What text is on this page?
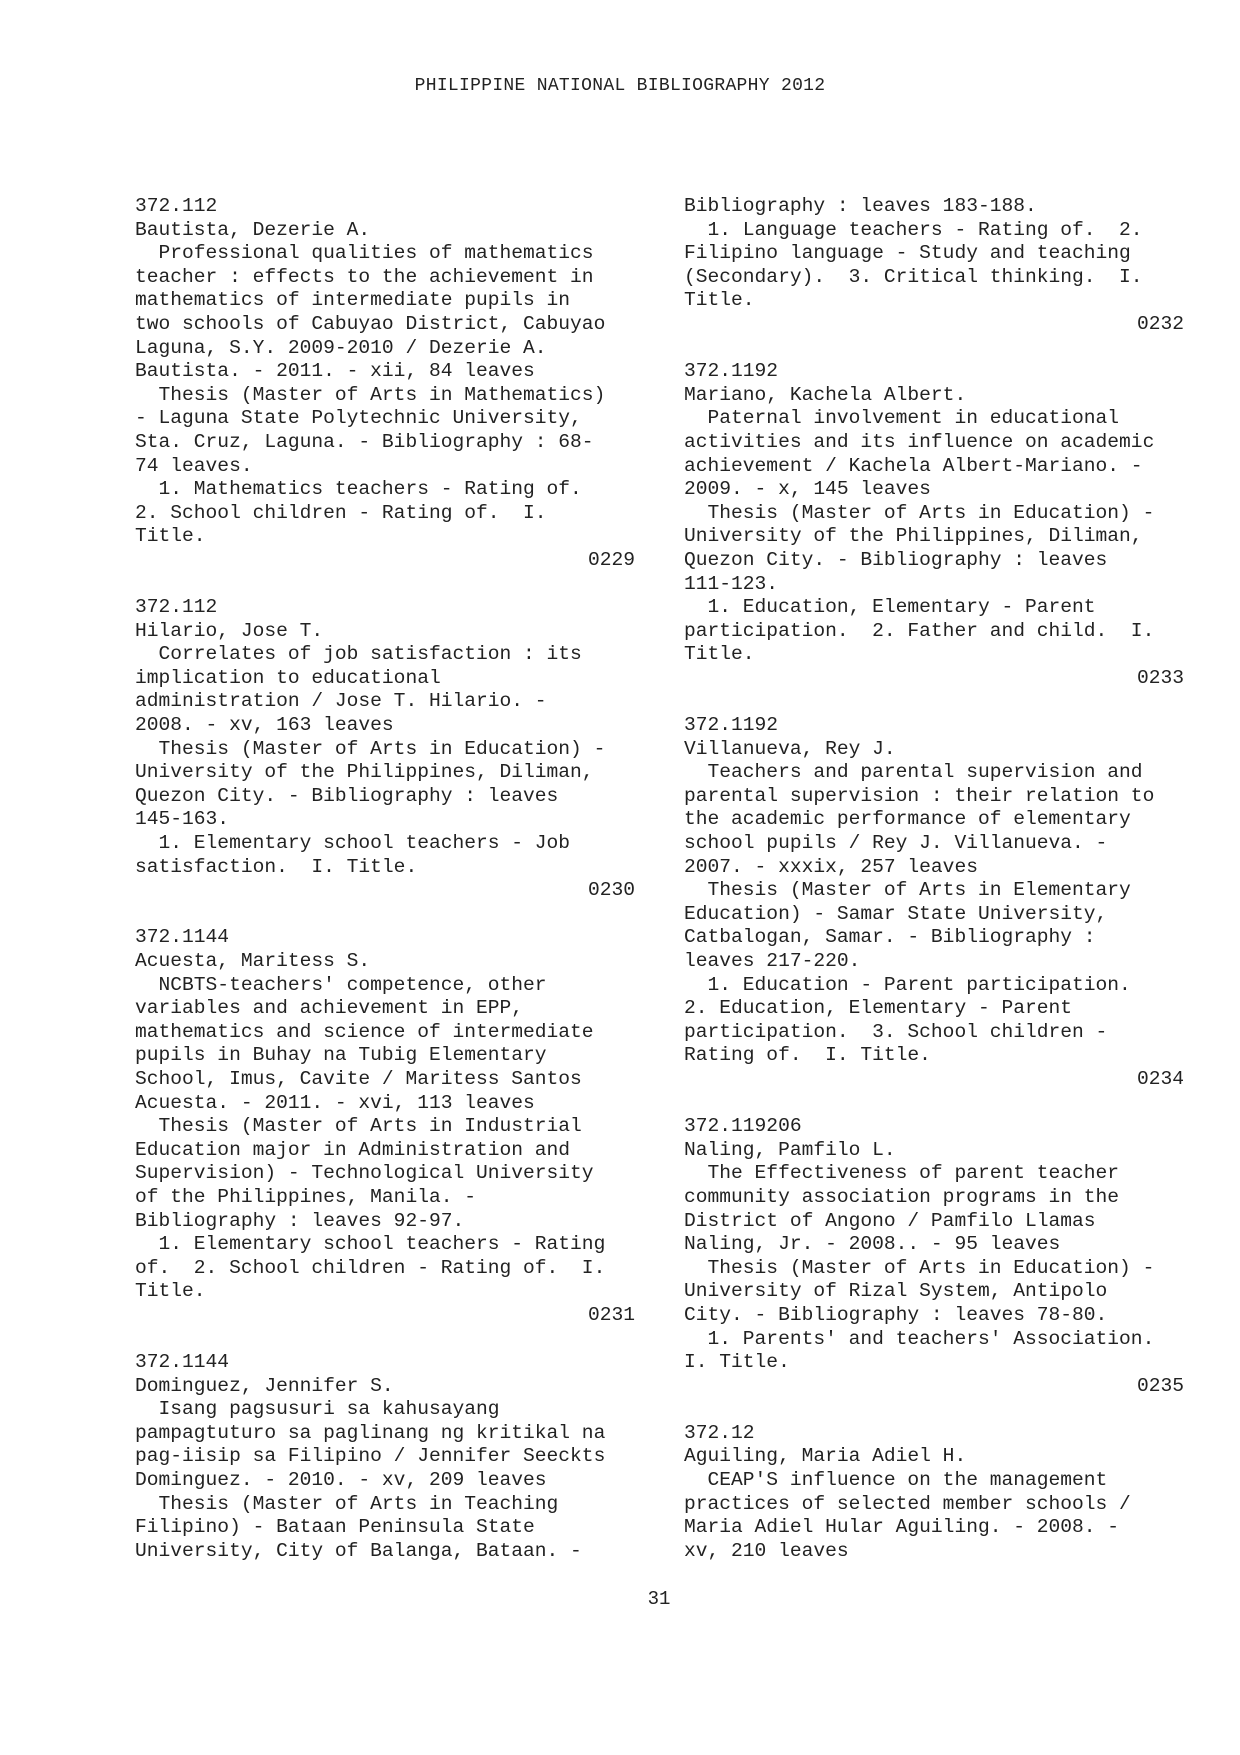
PHILIPPINE NATIONAL BIBLIOGRAPHY 2012
372.112
Bautista, Dezerie A.
Professional qualities of mathematics
teacher : effects to the achievement in
mathematics of intermediate pupils in
two schools of Cabuyao District, Cabuyao
Laguna, S.Y. 2009-2010 / Dezerie A.
Bautista. - 2011. - xii, 84 leaves
Thesis (Master of Arts in Mathematics)
- Laguna State Polytechnic University,
Sta. Cruz, Laguna. - Bibliography : 68-
74 leaves.
1. Mathematics teachers - Rating of.
2. School children - Rating of.  I.
Title.
0229
372.112
Hilario, Jose T.
Correlates of job satisfaction : its
implication to educational
administration / Jose T. Hilario. -
2008. - xv, 163 leaves
Thesis (Master of Arts in Education) -
University of the Philippines, Diliman,
Quezon City. - Bibliography : leaves
145-163.
1. Elementary school teachers - Job
satisfaction.  I. Title.
0230
372.1144
Acuesta, Maritess S.
NCBTS-teachers' competence, other
variables and achievement in EPP,
mathematics and science of intermediate
pupils in Buhay na Tubig Elementary
School, Imus, Cavite / Maritess Santos
Acuesta. - 2011. - xvi, 113 leaves
Thesis (Master of Arts in Industrial
Education major in Administration and
Supervision) - Technological University
of the Philippines, Manila. -
Bibliography : leaves 92-97.
1. Elementary school teachers - Rating
of.  2. School children - Rating of.  I.
Title.
0231
372.1144
Dominguez, Jennifer S.
Isang pagsusuri sa kahusayang
pampagtuturo sa paglinang ng kritikal na
pag-iisip sa Filipino / Jennifer Seeckts
Dominguez. - 2010. - xv, 209 leaves
Thesis (Master of Arts in Teaching
Filipino) - Bataan Peninsula State
University, City of Balanga, Bataan. -
Bibliography : leaves 183-188.
1. Language teachers - Rating of.  2.
Filipino language - Study and teaching
(Secondary).  3. Critical thinking.  I.
Title.
0232
372.1192
Mariano, Kachela Albert.
Paternal involvement in educational
activities and its influence on academic
achievement / Kachela Albert-Mariano. -
2009. - x, 145 leaves
Thesis (Master of Arts in Education) -
University of the Philippines, Diliman,
Quezon City. - Bibliography : leaves
111-123.
1. Education, Elementary - Parent
participation.  2. Father and child.  I.
Title.
0233
372.1192
Villanueva, Rey J.
Teachers and parental supervision and
parental supervision : their relation to
the academic performance of elementary
school pupils / Rey J. Villanueva. -
2007. - xxxix, 257 leaves
Thesis (Master of Arts in Elementary
Education) - Samar State University,
Catbalogan, Samar. - Bibliography :
leaves 217-220.
1. Education - Parent participation.
2. Education, Elementary - Parent
participation.  3. School children -
Rating of.  I. Title.
0234
372.119206
Naling, Pamfilo L.
The Effectiveness of parent teacher
community association programs in the
District of Angono / Pamfilo Llamas
Naling, Jr. - 2008.. - 95 leaves
Thesis (Master of Arts in Education) -
University of Rizal System, Antipolo
City. - Bibliography : leaves 78-80.
1. Parents' and teachers' Association.
I. Title.
0235
372.12
Aguiling, Maria Adiel H.
CEAP'S influence on the management
practices of selected member schools /
Maria Adiel Hular Aguiling. - 2008. -
xv, 210 leaves
31
